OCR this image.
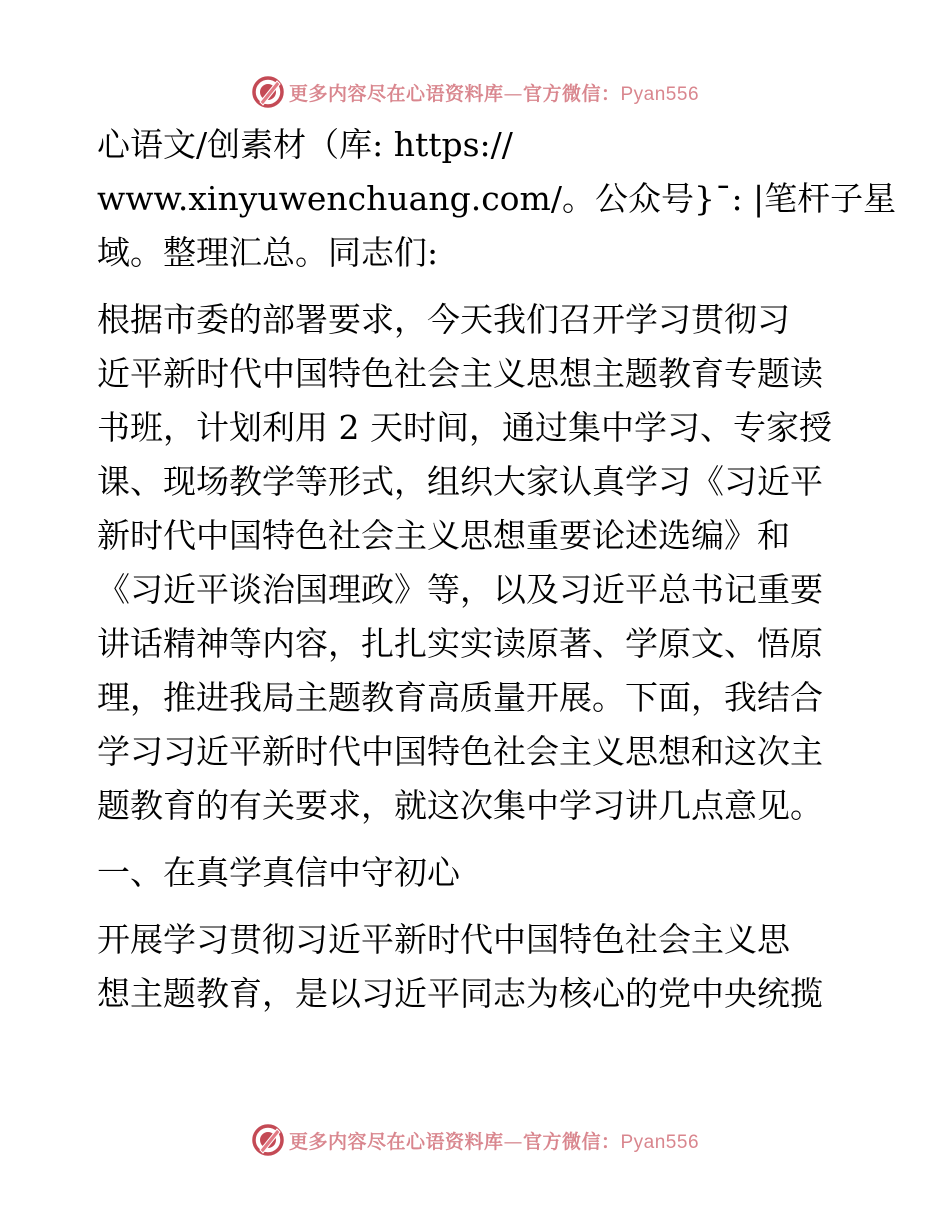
更多内容尽在心语资料库—官方微信：Pyan556
心语文/创素材（库: https://
www.xinyuwenchuang.com/。公众号}¯: |笔杆子星
域。整理汇总。同志们:
根据市委的部署要求，今天我们召开学习贯彻习
近平新时代中国特色社会主义思想主题教育专题读
书班，计划利用 2 天时间，通过集中学习、专家授
课、现场教学等形式，组织大家认真学习《习近平
新时代中国特色社会主义思想重要论述选编》和
《习近平谈治国理政》等，以及习近平总书记重要
讲话精神等内容，扎扎实实读原著、学原文、悟原
理，推进我局主题教育高质量开展。下面，我结合
学习习近平新时代中国特色社会主义思想和这次主
题教育的有关要求，就这次集中学习讲几点意见。
一、在真学真信中守初心
开展学习贯彻习近平新时代中国特色社会主义思
想主题教育，是以习近平同志为核心的党中央统揽
更多内容尽在心语资料库—官方微信：Pyan556
